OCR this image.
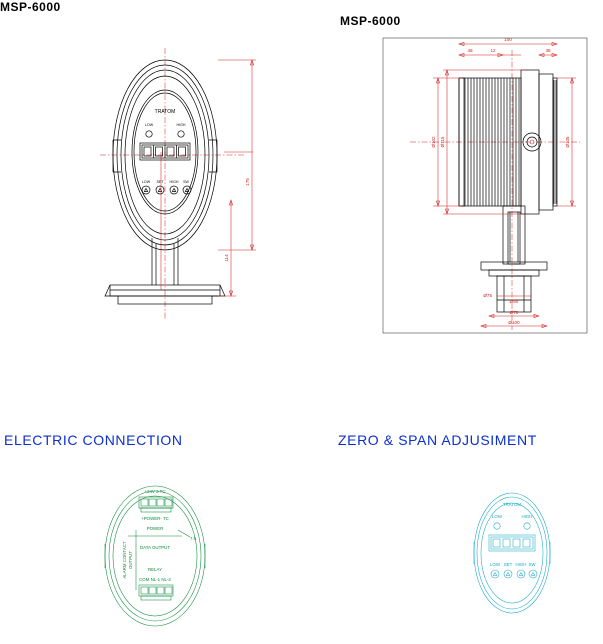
MSP-6000
MSP-6000
ELECTRIC CONNECTION	ZERO & SPAN ADJUSIMENT
TRATOM
LOW	HIGH
LOW SET HIGH SW	175
114
100
48	12	38
Ø102 Ø115	Ø105
Ø75
Ø80
Ø70
Ø100
+24V 3 TC
+POWER- TC
POWER
7.6
DATA OUTPUT
ALARM CONTACT OUTPUT
RELAY
COM NL-1 NL-2
TRATOM
LOW	HIGH
LOW SET HIGH SW
